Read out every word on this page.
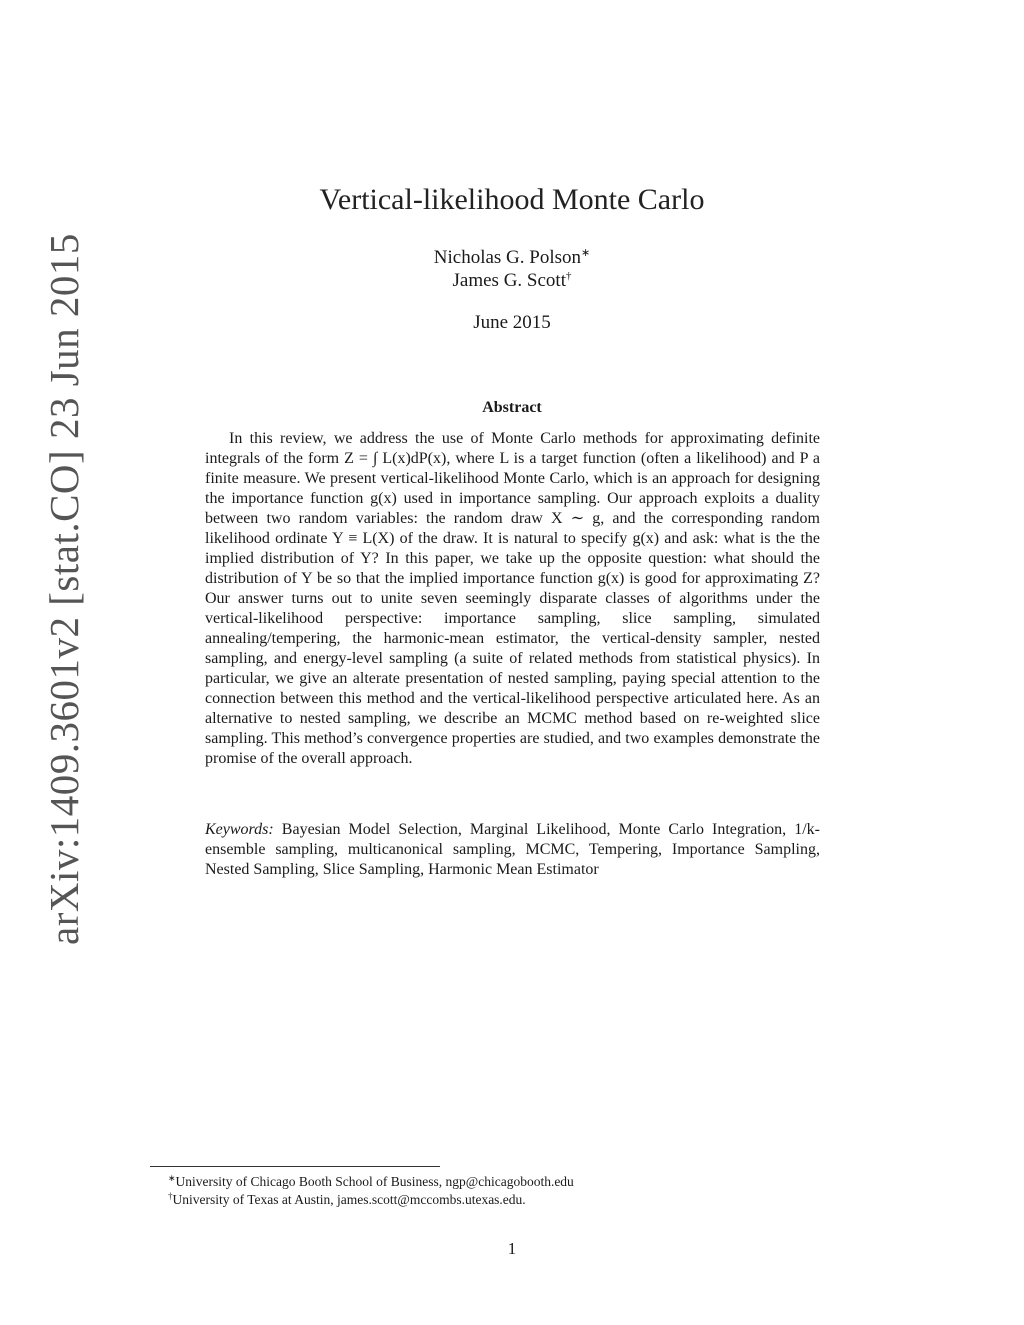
arXiv:1409.3601v2 [stat.CO] 23 Jun 2015
Vertical-likelihood Monte Carlo
Nicholas G. Polson∗
James G. Scott†
June 2015
Abstract

In this review, we address the use of Monte Carlo methods for approximating definite integrals of the form Z = ∫ L(x)dP(x), where L is a target function (often a likelihood) and P a finite measure. We present vertical-likelihood Monte Carlo, which is an approach for designing the importance function g(x) used in importance sampling. Our approach exploits a duality between two random variables: the random draw X ∼ g, and the corresponding random likelihood ordinate Y ≡ L(X) of the draw. It is natural to specify g(x) and ask: what is the the implied distribution of Y? In this paper, we take up the opposite question: what should the distribution of Y be so that the implied importance function g(x) is good for approximating Z? Our answer turns out to unite seven seemingly disparate classes of algorithms under the vertical-likelihood perspective: importance sampling, slice sampling, simulated annealing/tempering, the harmonic-mean estimator, the vertical-density sampler, nested sampling, and energy-level sampling (a suite of related methods from statistical physics). In particular, we give an alterate presentation of nested sampling, paying special attention to the connection between this method and the vertical-likelihood perspective articulated here. As an alternative to nested sampling, we describe an MCMC method based on re-weighted slice sampling. This method’s convergence properties are studied, and two examples demonstrate the promise of the overall approach.

Keywords: Bayesian Model Selection, Marginal Likelihood, Monte Carlo Integration, 1/k-ensemble sampling, multicanonical sampling, MCMC, Tempering, Importance Sampling, Nested Sampling, Slice Sampling, Harmonic Mean Estimator

∗University of Chicago Booth School of Business, ngp@chicagobooth.edu
†University of Texas at Austin, james.scott@mccombs.utexas.edu.
1
